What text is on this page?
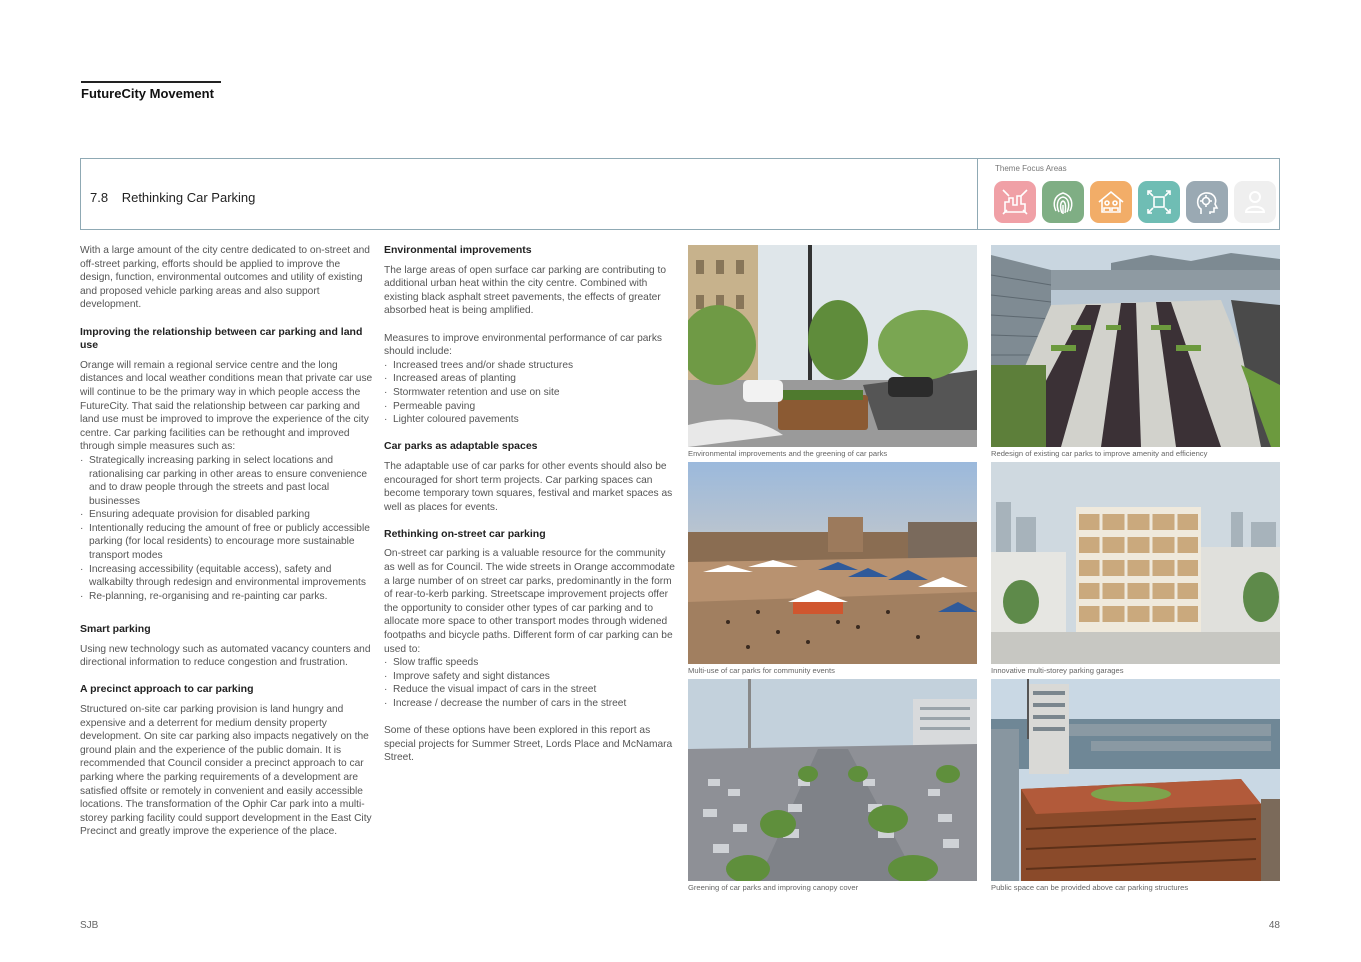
FutureCity Movement
7.8 Rethinking Car Parking
Theme Focus Areas

With a large amount of the city centre dedicated to on-street and off-street parking, efforts should be applied to improve the design, function, environmental outcomes and utility of existing and proposed vehicle parking areas and also support development.

Improving the relationship between car parking and land use

Orange will remain a regional service centre and the long distances and local weather conditions mean that private car use will continue to be the primary way in which people access the FutureCity. That said the relationship between car parking and land use must be improved to improve the experience of the city centre. Car parking facilities can be rethought and improved through simple measures such as:

· Strategically increasing parking in select locations and rationalising car parking in other areas to ensure convenience and to draw people through the streets and past local businesses
· Ensuring adequate provision for disabled parking
· Intentionally reducing the amount of free or publicly accessible parking (for local residents) to encourage more sustainable transport modes
· Increasing accessibility (equitable access), safety and walkabilty through redesign and environmental improvements
· Re-planning, re-organising and re-painting car parks.
Smart parking

Using new technology such as automated vacancy counters and directional information to reduce congestion and frustration.

A precinct approach to car parking

Structured on-site car parking provision is land hungry and expensive and a deterrent for medium density property development. On site car parking also impacts negatively on the ground plain and the experience of the public domain. It is recommended that Council consider a precinct approach to car parking where the parking requirements of a development are satisfied offsite or remotely in convenient and easily accessible locations. The transformation of the Ophir Car park into a multi-storey parking facility could support development in the East City Precinct and greatly improve the experience of the place.

Environmental improvements

The large areas of open surface car parking are contributing to additional urban heat within the city centre. Combined with existing black asphalt street pavements, the effects of greater absorbed heat is being amplified.

Measures to improve environmental performance of car parks should include:

· Increased trees and/or shade structures
· Increased areas of planting
· Stormwater retention and use on site
· Permeable paving
· Lighter coloured pavements
Car parks as adaptable spaces

The adaptable use of car parks for other events should also be encouraged for short term projects. Car parking spaces can become temporary town squares, festival and market spaces as well as places for events.

Rethinking on-street car parking

On-street car parking is a valuable resource for the community as well as for Council. The wide streets in Orange accommodate a large number of on street car parks, predominantly in the form of rear-to-kerb parking. Streetscape improvement projects offer the opportunity to consider other types of car parking and to allocate more space to other transport modes through widened footpaths and bicycle paths. Different form of car parking can be used to:

· Slow traffic speeds
· Improve safety and sight distances
· Reduce the visual impact of cars in the street
· Increase / decrease the number of cars in the street

Some of these options have been explored in this report as special projects for Summer Street, Lords Place and McNamara Street.

Environmental improvements and the greening of car parks	Redesign of existing car parks to improve amenity and efficiency
Multi-use of car parks for community events	Innovative multi-storey parking garages
Greening of car parks and improving canopy cover	Public space can be provided above car parking structures
SJB	48
